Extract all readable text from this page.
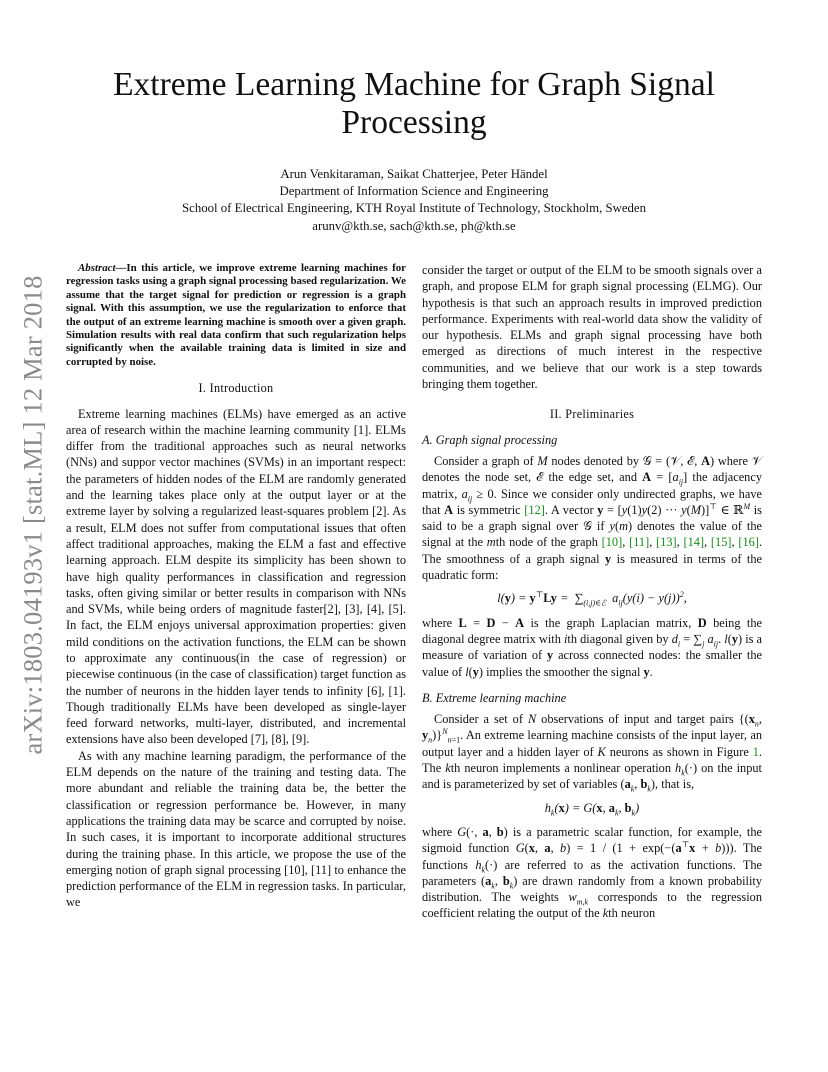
arXiv:1803.04193v1 [stat.ML] 12 Mar 2018
Extreme Learning Machine for Graph Signal Processing
Arun Venkitaraman, Saikat Chatterjee, Peter Händel
Department of Information Science and Engineering
School of Electrical Engineering, KTH Royal Institute of Technology, Stockholm, Sweden
arunv@kth.se, sach@kth.se, ph@kth.se

Abstract—In this article, we improve extreme learning machines for regression tasks using a graph signal processing based regularization. We assume that the target signal for prediction or regression is a graph signal. With this assumption, we use the regularization to enforce that the output of an extreme learning machine is smooth over a given graph. Simulation results with real data confirm that such regularization helps significantly when the available training data is limited in size and corrupted by noise.

I. Introduction

Extreme learning machines (ELMs) have emerged as an active area of research within the machine learning community [1]. ELMs differ from the traditional approaches such as neural networks (NNs) and suppor vector machines (SVMs) in an important respect: the parameters of hidden nodes of the ELM are randomly generated and the learning takes place only at the output layer or at the extreme layer by solving a regularized least-squares problem [2]. As a result, ELM does not suffer from computational issues that often affect traditional approaches, making the ELM a fast and effective learning approach. ELM despite its simplicity has been shown to have high quality performances in classification and regression tasks, often giving similar or better results in comparison with NNs and SVMs, while being orders of magnitude faster[2], [3], [4], [5]. In fact, the ELM enjoys universal approximation properties: given mild conditions on the activation functions, the ELM can be shown to approximate any continuous(in the case of regression) or piecewise continuous (in the case of classification) target function as the number of neurons in the hidden layer tends to infinity [6], [1]. Though traditionally ELMs have been developed as single-layer feed forward networks, multi-layer, distributed, and incremental extensions have also been developed [7], [8], [9].

As with any machine learning paradigm, the performance of the ELM depends on the nature of the training and testing data. The more abundant and reliable the training data be, the better the classification or regression performance be. However, in many applications the training data may be scarce and corrupted by noise. In such cases, it is important to incorporate additional structures during the training phase. In this article, we propose the use of the emerging notion of graph signal processing [10], [11] to enhance the prediction performance of the ELM in regression tasks. In particular, we

consider the target or output of the ELM to be smooth signals over a graph, and propose ELM for graph signal processing (ELMG). Our hypothesis is that such an approach results in improved prediction performance. Experiments with real-world data show the validity of our hypothesis. ELMs and graph signal processing have both emerged as directions of much interest in the respective communities, and we believe that our work is a step towards bringing them together.

II. Preliminaries
A. Graph signal processing

Consider a graph of M nodes denoted by 𝒢 = (𝒱, ℰ, A) where 𝒱 denotes the node set, ℰ the edge set, and $A = [a_{ij}]$ the adjacency matrix, $a_{ij} \ge 0$. Since we consider only undirected graphs, we have that A is symmetric [12]. A vector y = [y(1)y(2) ··· y(M)]⊤ ∈ ℝ$^M$ is said to be a graph signal over 𝒢 if y(m) denotes the value of the signal at the mth node of the graph [10], [11], [13], [14], [15], [16]. The smoothness of a graph signal y is measured in terms of the quadratic form:

$l(y) = y^⊤Ly = \sum_{(i,j)\in ℰ}$  $a_{ij}(y(i) - y(j))^2$,

where L = D − A is the graph Laplacian matrix, D being the diagonal degree matrix with ith diagonal given by $d_i = \sum_j$ $a_{ij}$. l(y) is a measure of variation of y across connected nodes: the smaller the value of l(y) implies the smoother the signal y.

B. Extreme learning machine

Consider a set of N observations of input and target pairs {($x_n$, $y_n)\}^N_{n=1}$. An extreme learning machine consists of the input layer, an output layer and a hidden layer of K neurons as shown in Figure 1. The kth neuron implements a nonlinear operation $h_k(\cdot)$ on the input and is parameterized by set of variables ($a_k$, $b_k$), that is,

$h_k(x) = G(x$, $a_k$, $b_k$)

where G(·, a, b) is a parametric scalar function, for example, the sigmoid function G(x, a, b) = 1 / (1 + exp(−(a⊤x + b))). The functions $h_k(\cdot)$ are referred to as the activation functions. The parameters ($a_k$, $b_k$) are drawn randomly from a known probability distribution. The weights $w_{m,k}$ corresponds to the regression coefficient relating the output of the kth neuron
